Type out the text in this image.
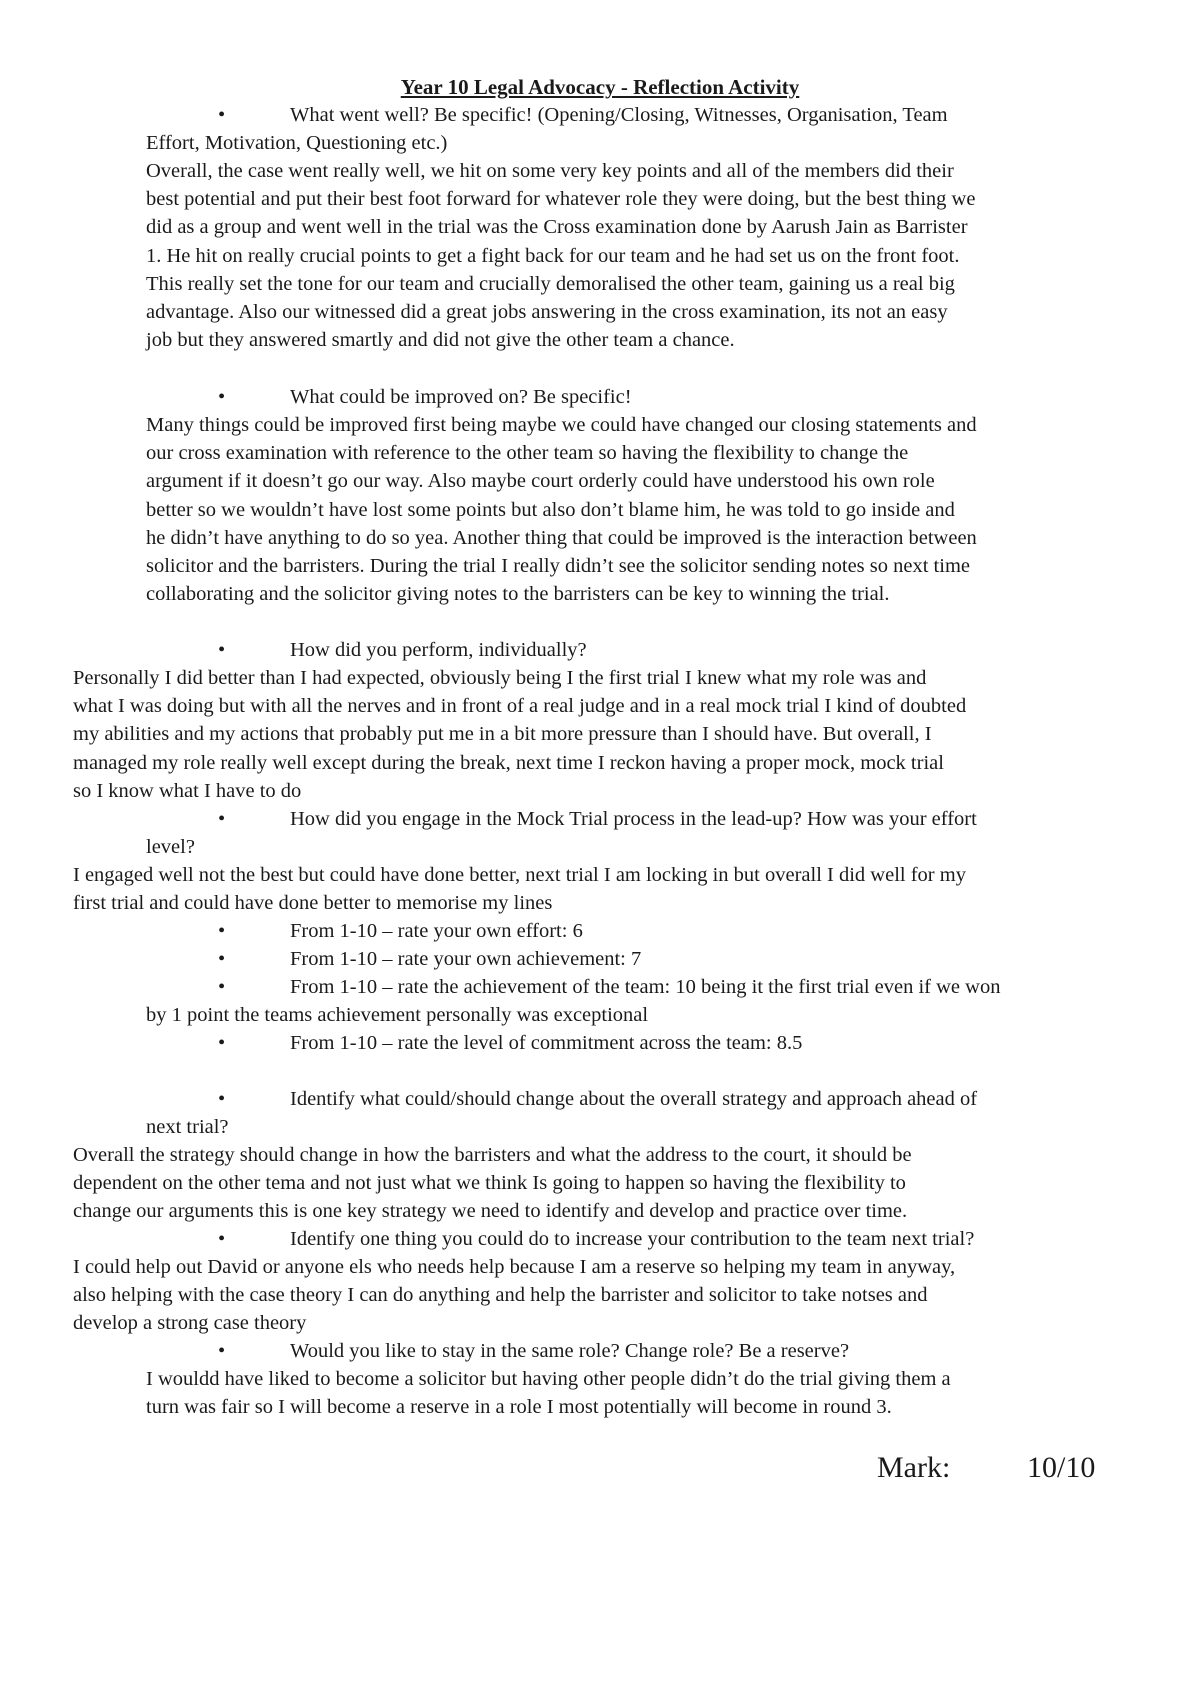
Year 10 Legal Advocacy - Reflection Activity
•	What went well? Be specific! (Opening/Closing, Witnesses, Organisation, Team
Effort, Motivation, Questioning etc.)
Overall, the case went really well, we hit on some very key points and all of the members did their
best potential and put their best foot forward for whatever role they were doing, but the best thing we
did as a group and went well in the trial was the Cross examination done by Aarush Jain as Barrister
1. He hit on really crucial points to get a fight back for our team and he had set us on the front foot.
This really set the tone for our team and crucially demoralised the other team, gaining us a real big
advantage. Also our witnessed did a great jobs answering in the cross examination, its not an easy
job but they answered smartly and did not give the other team a chance.
•	What could be improved on? Be specific!
Many things could be improved first being maybe we could have changed our closing statements and
our cross examination with reference to the other team so having the flexibility to change the
argument if it doesn’t go our way. Also maybe court orderly could have understood his own role
better so we wouldn’t have lost some points but also don’t blame him, he was told to go inside and
he didn’t have anything to do so yea. Another thing that could be improved is the interaction between
solicitor and the barristers. During the trial I really didn’t see the solicitor sending notes so next time
collaborating and the solicitor giving notes to the barristers can be key to winning the trial.
•	How did you perform, individually?
Personally I did better than I had expected, obviously being I the first trial I knew what my role was and
what I was doing but with all the nerves and in front of a real judge and in a real mock trial I kind of doubted
my abilities and my actions that probably put me in a bit more pressure than I should have. But overall, I
managed my role really well except during the break, next time I reckon having a proper mock, mock trial
so I know what I have to do
•	How did you engage in the Mock Trial process in the lead-up? How was your effort
level?
I engaged well not the best but could have done better, next trial I am locking in but overall I did well for my
first trial and could have done better to memorise my lines
•	From 1-10 – rate your own effort: 6
•	From 1-10 – rate your own achievement: 7
•	From 1-10 – rate the achievement of the team: 10 being it the first trial even if we won
by 1 point the teams achievement personally was exceptional
•	From 1-10 – rate the level of commitment across the team: 8.5
•	Identify what could/should change about the overall strategy and approach ahead of
next trial?
Overall the strategy should change in how the barristers and what the address to the court, it should be
dependent on the other tema and not just what we think Is going to happen so having the flexibility to
change our arguments this is one key strategy we need to identify and develop and practice over time.
•	Identify one thing you could do to increase your contribution to the team next trial?
I could help out David or anyone els who needs help because I am a reserve so helping my team in anyway,
also helping with the case theory I can do anything and help the barrister and solicitor to take notses and
develop a strong case theory
•	Would you like to stay in the same role? Change role? Be a reserve?
I wouldd have liked to become a solicitor but having other people didn’t do the trial giving them a
turn was fair so I will become a reserve in a role I most potentially will become in round 3.
Mark:	10/10
